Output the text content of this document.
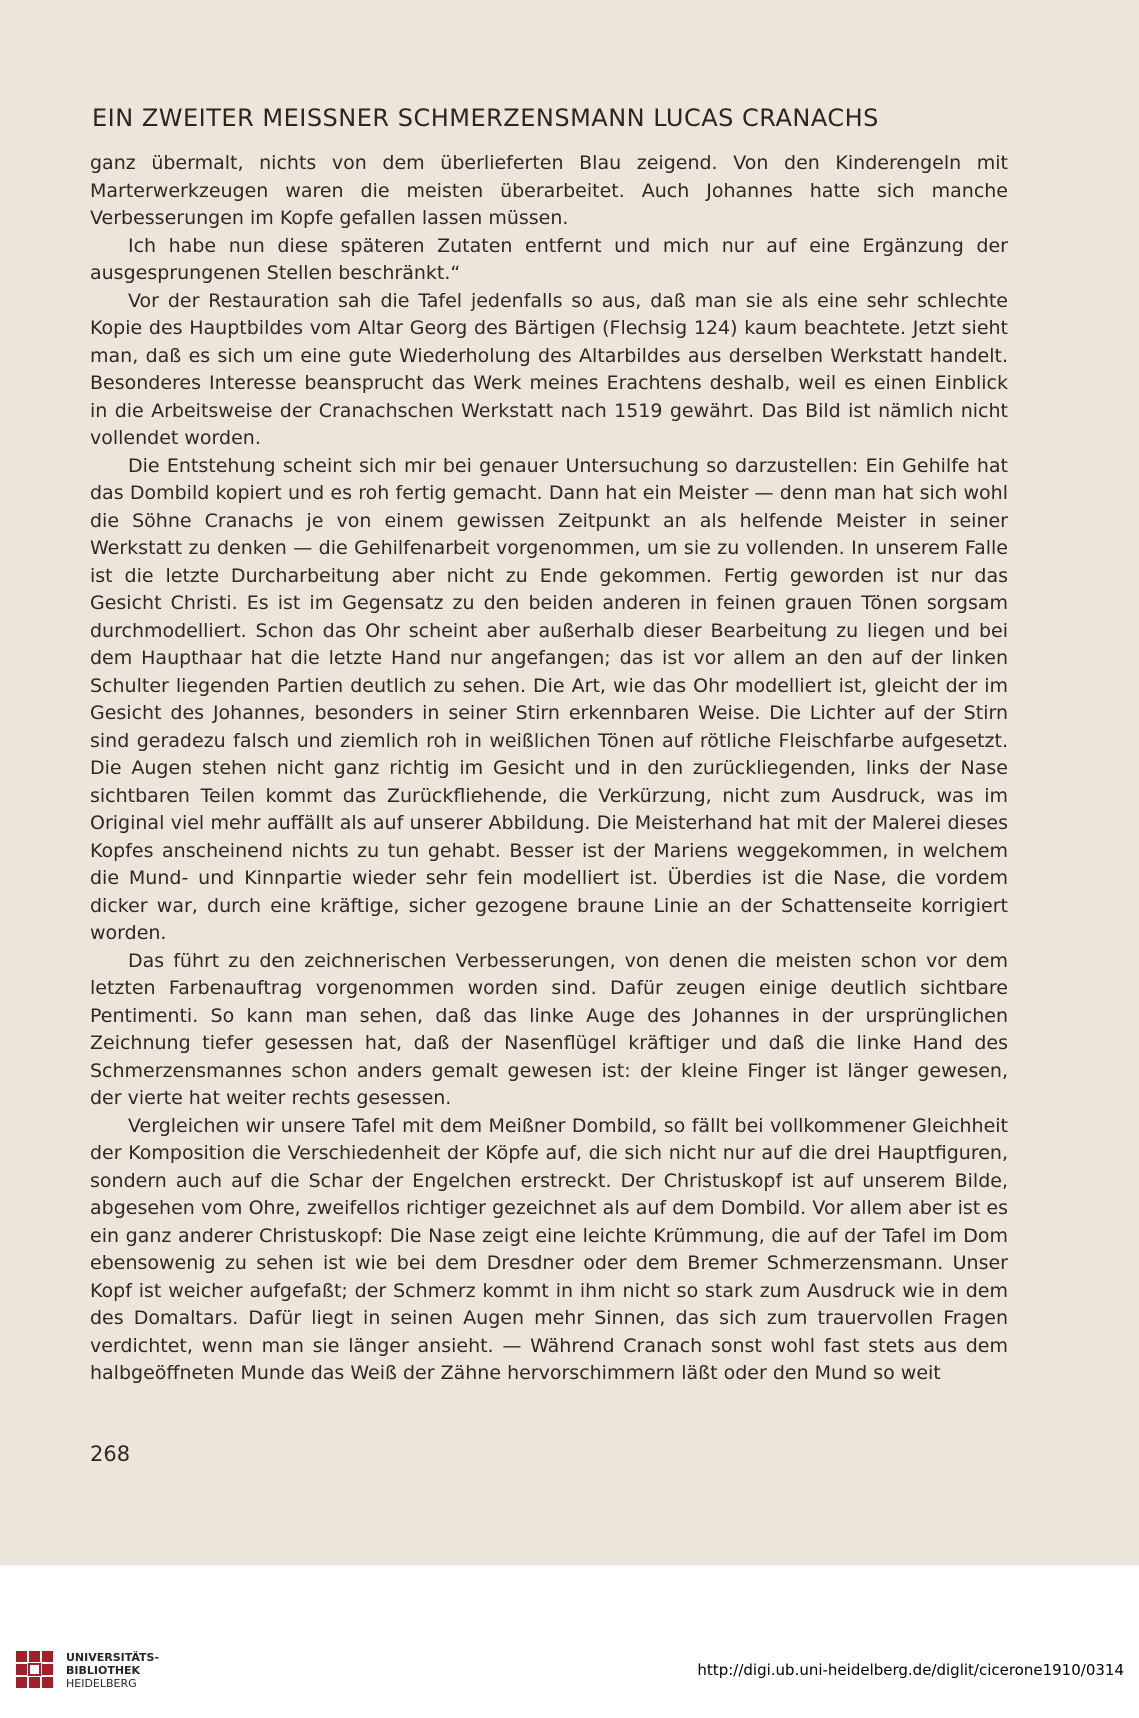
EIN ZWEITER MEISSNER SCHMERZENSMANN LUCAS CRANACHS

ganz übermalt, nichts von dem überlieferten Blau zeigend. Von den Kinderengeln mit Marterwerkzeugen waren die meisten überarbeitet. Auch Johannes hatte sich manche Verbesserungen im Kopfe gefallen lassen müssen.

Ich habe nun diese späteren Zutaten entfernt und mich nur auf eine Ergänzung der ausgesprungenen Stellen beschränkt.“

Vor der Restauration sah die Tafel jedenfalls so aus, daß man sie als eine sehr schlechte Kopie des Hauptbildes vom Altar Georg des Bärtigen (Flechsig 124) kaum beachtete. Jetzt sieht man, daß es sich um eine gute Wiederholung des Altarbildes aus derselben Werkstatt handelt. Besonderes Interesse beansprucht das Werk meines Erachtens deshalb, weil es einen Einblick in die Arbeitsweise der Cranachschen Werkstatt nach 1519 gewährt. Das Bild ist nämlich nicht vollendet worden.

Die Entstehung scheint sich mir bei genauer Untersuchung so darzustellen: Ein Gehilfe hat das Dombild kopiert und es roh fertig gemacht. Dann hat ein Meister — denn man hat sich wohl die Söhne Cranachs je von einem gewissen Zeitpunkt an als helfende Meister in seiner Werkstatt zu denken — die Gehilfenarbeit vorgenommen, um sie zu vollenden. In unserem Falle ist die letzte Durcharbeitung aber nicht zu Ende gekommen. Fertig geworden ist nur das Gesicht Christi. Es ist im Gegensatz zu den beiden anderen in feinen grauen Tönen sorgsam durchmodelliert. Schon das Ohr scheint aber außerhalb dieser Bearbeitung zu liegen und bei dem Haupthaar hat die letzte Hand nur angefangen; das ist vor allem an den auf der linken Schulter liegenden Partien deutlich zu sehen. Die Art, wie das Ohr modelliert ist, gleicht der im Gesicht des Johannes, besonders in seiner Stirn erkennbaren Weise. Die Lichter auf der Stirn sind geradezu falsch und ziemlich roh in weißlichen Tönen auf rötliche Fleischfarbe aufgesetzt. Die Augen stehen nicht ganz richtig im Gesicht und in den zurückliegenden, links der Nase sichtbaren Teilen kommt das Zurückfliehende, die Verkürzung, nicht zum Ausdruck, was im Original viel mehr auffällt als auf unserer Abbildung. Die Meisterhand hat mit der Malerei dieses Kopfes anscheinend nichts zu tun gehabt. Besser ist der Mariens weggekommen, in welchem die Mund- und Kinnpartie wieder sehr fein modelliert ist. Überdies ist die Nase, die vordem dicker war, durch eine kräftige, sicher gezogene braune Linie an der Schattenseite korrigiert worden.

Das führt zu den zeichnerischen Verbesserungen, von denen die meisten schon vor dem letzten Farbenauftrag vorgenommen worden sind. Dafür zeugen einige deutlich sichtbare Pentimenti. So kann man sehen, daß das linke Auge des Johannes in der ursprünglichen Zeichnung tiefer gesessen hat, daß der Nasenflügel kräftiger und daß die linke Hand des Schmerzensmannes schon anders gemalt gewesen ist: der kleine Finger ist länger gewesen, der vierte hat weiter rechts gesessen.

Vergleichen wir unsere Tafel mit dem Meißner Dombild, so fällt bei vollkommener Gleichheit der Komposition die Verschiedenheit der Köpfe auf, die sich nicht nur auf die drei Hauptfiguren, sondern auch auf die Schar der Engelchen erstreckt. Der Christuskopf ist auf unserem Bilde, abgesehen vom Ohre, zweifellos richtiger gezeichnet als auf dem Dombild. Vor allem aber ist es ein ganz anderer Christuskopf: Die Nase zeigt eine leichte Krümmung, die auf der Tafel im Dom ebensowenig zu sehen ist wie bei dem Dresdner oder dem Bremer Schmerzensmann. Unser Kopf ist weicher aufgefaßt; der Schmerz kommt in ihm nicht so stark zum Ausdruck wie in dem des Domaltars. Dafür liegt in seinen Augen mehr Sinnen, das sich zum trauervollen Fragen verdichtet, wenn man sie länger ansieht. — Während Cranach sonst wohl fast stets aus dem halbgeöffneten Munde das Weiß der Zähne hervorschimmern läßt oder den Mund so weit

268
UNIVERSITÄTS-
BIBLIOTHEK
HEIDELBERG
http://digi.ub.uni-heidelberg.de/diglit/cicerone1910/0314
